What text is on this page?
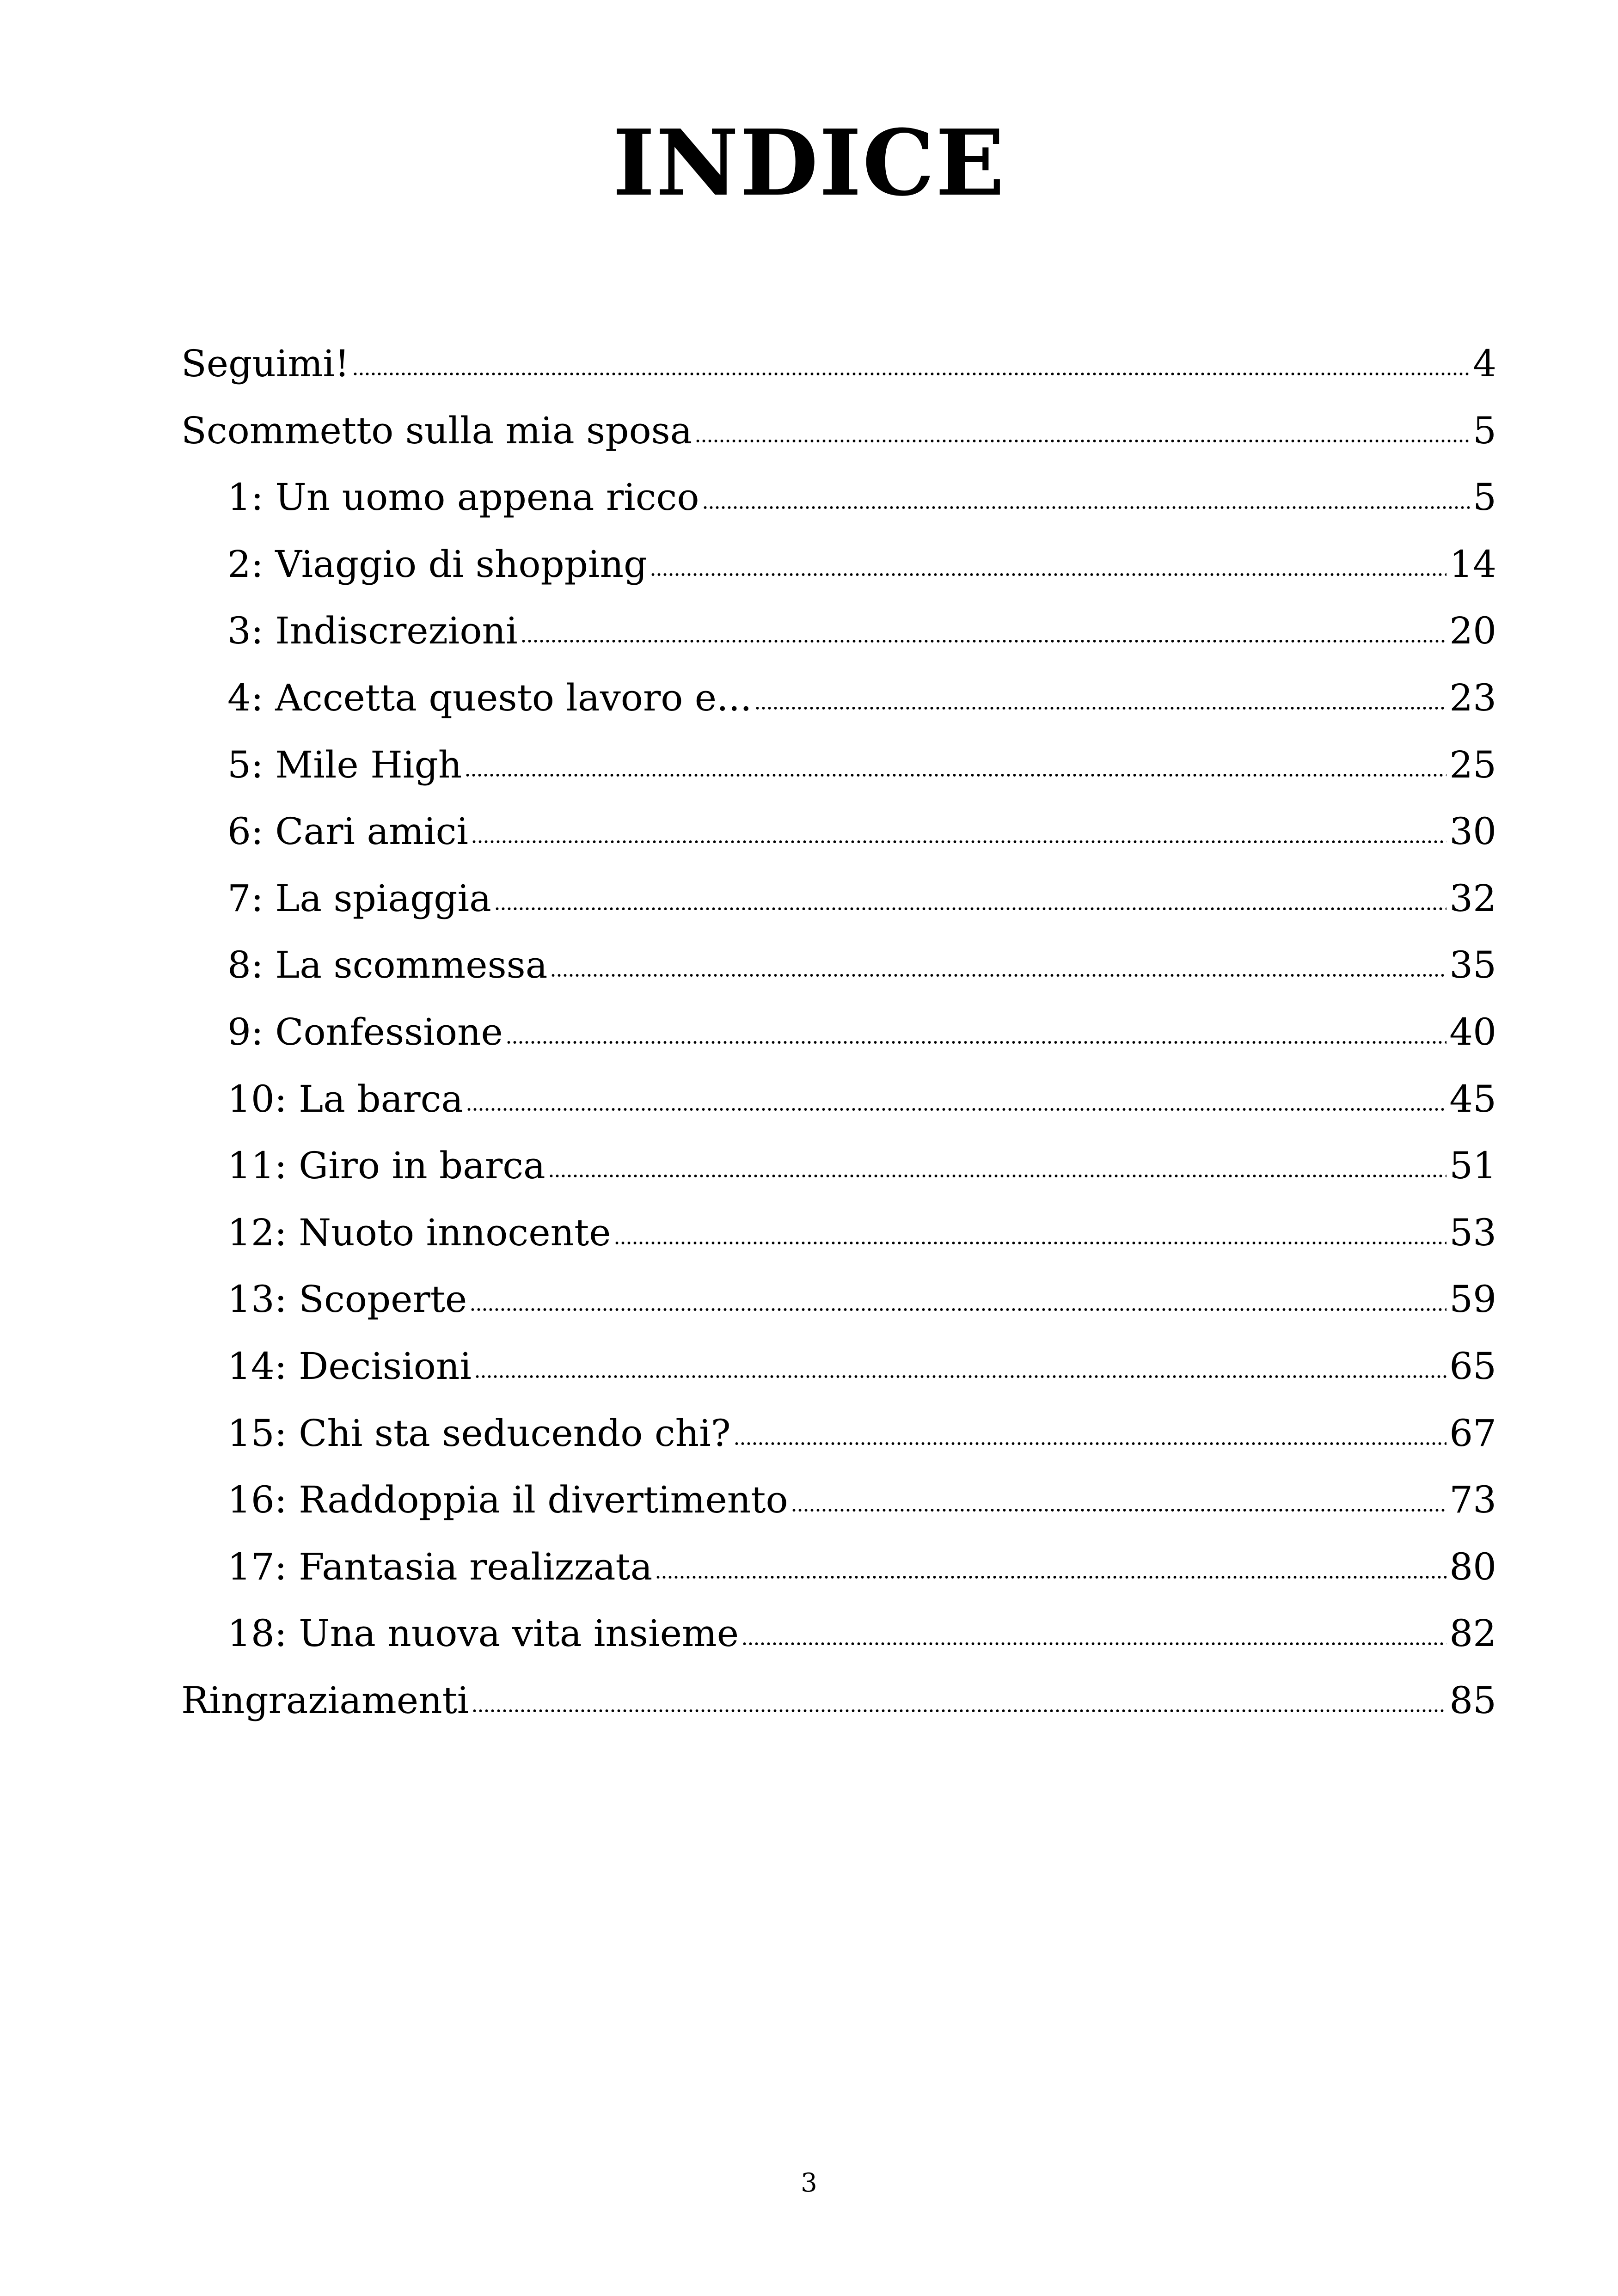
INDICE
Seguimi!	4
Scommetto sulla mia sposa	5
1: Un uomo appena ricco	5
2: Viaggio di shopping	14
3: Indiscrezioni	20
4: Accetta questo lavoro e...	23
5: Mile High	25
6: Cari amici	30
7: La spiaggia	32
8: La scommessa	35
9: Confessione	40
10: La barca	45
11: Giro in barca	51
12: Nuoto innocente	53
13: Scoperte	59
14: Decisioni	65
15: Chi sta seducendo chi?	67
16: Raddoppia il divertimento	73
17: Fantasia realizzata	80
18: Una nuova vita insieme	82
Ringraziamenti	85
3
